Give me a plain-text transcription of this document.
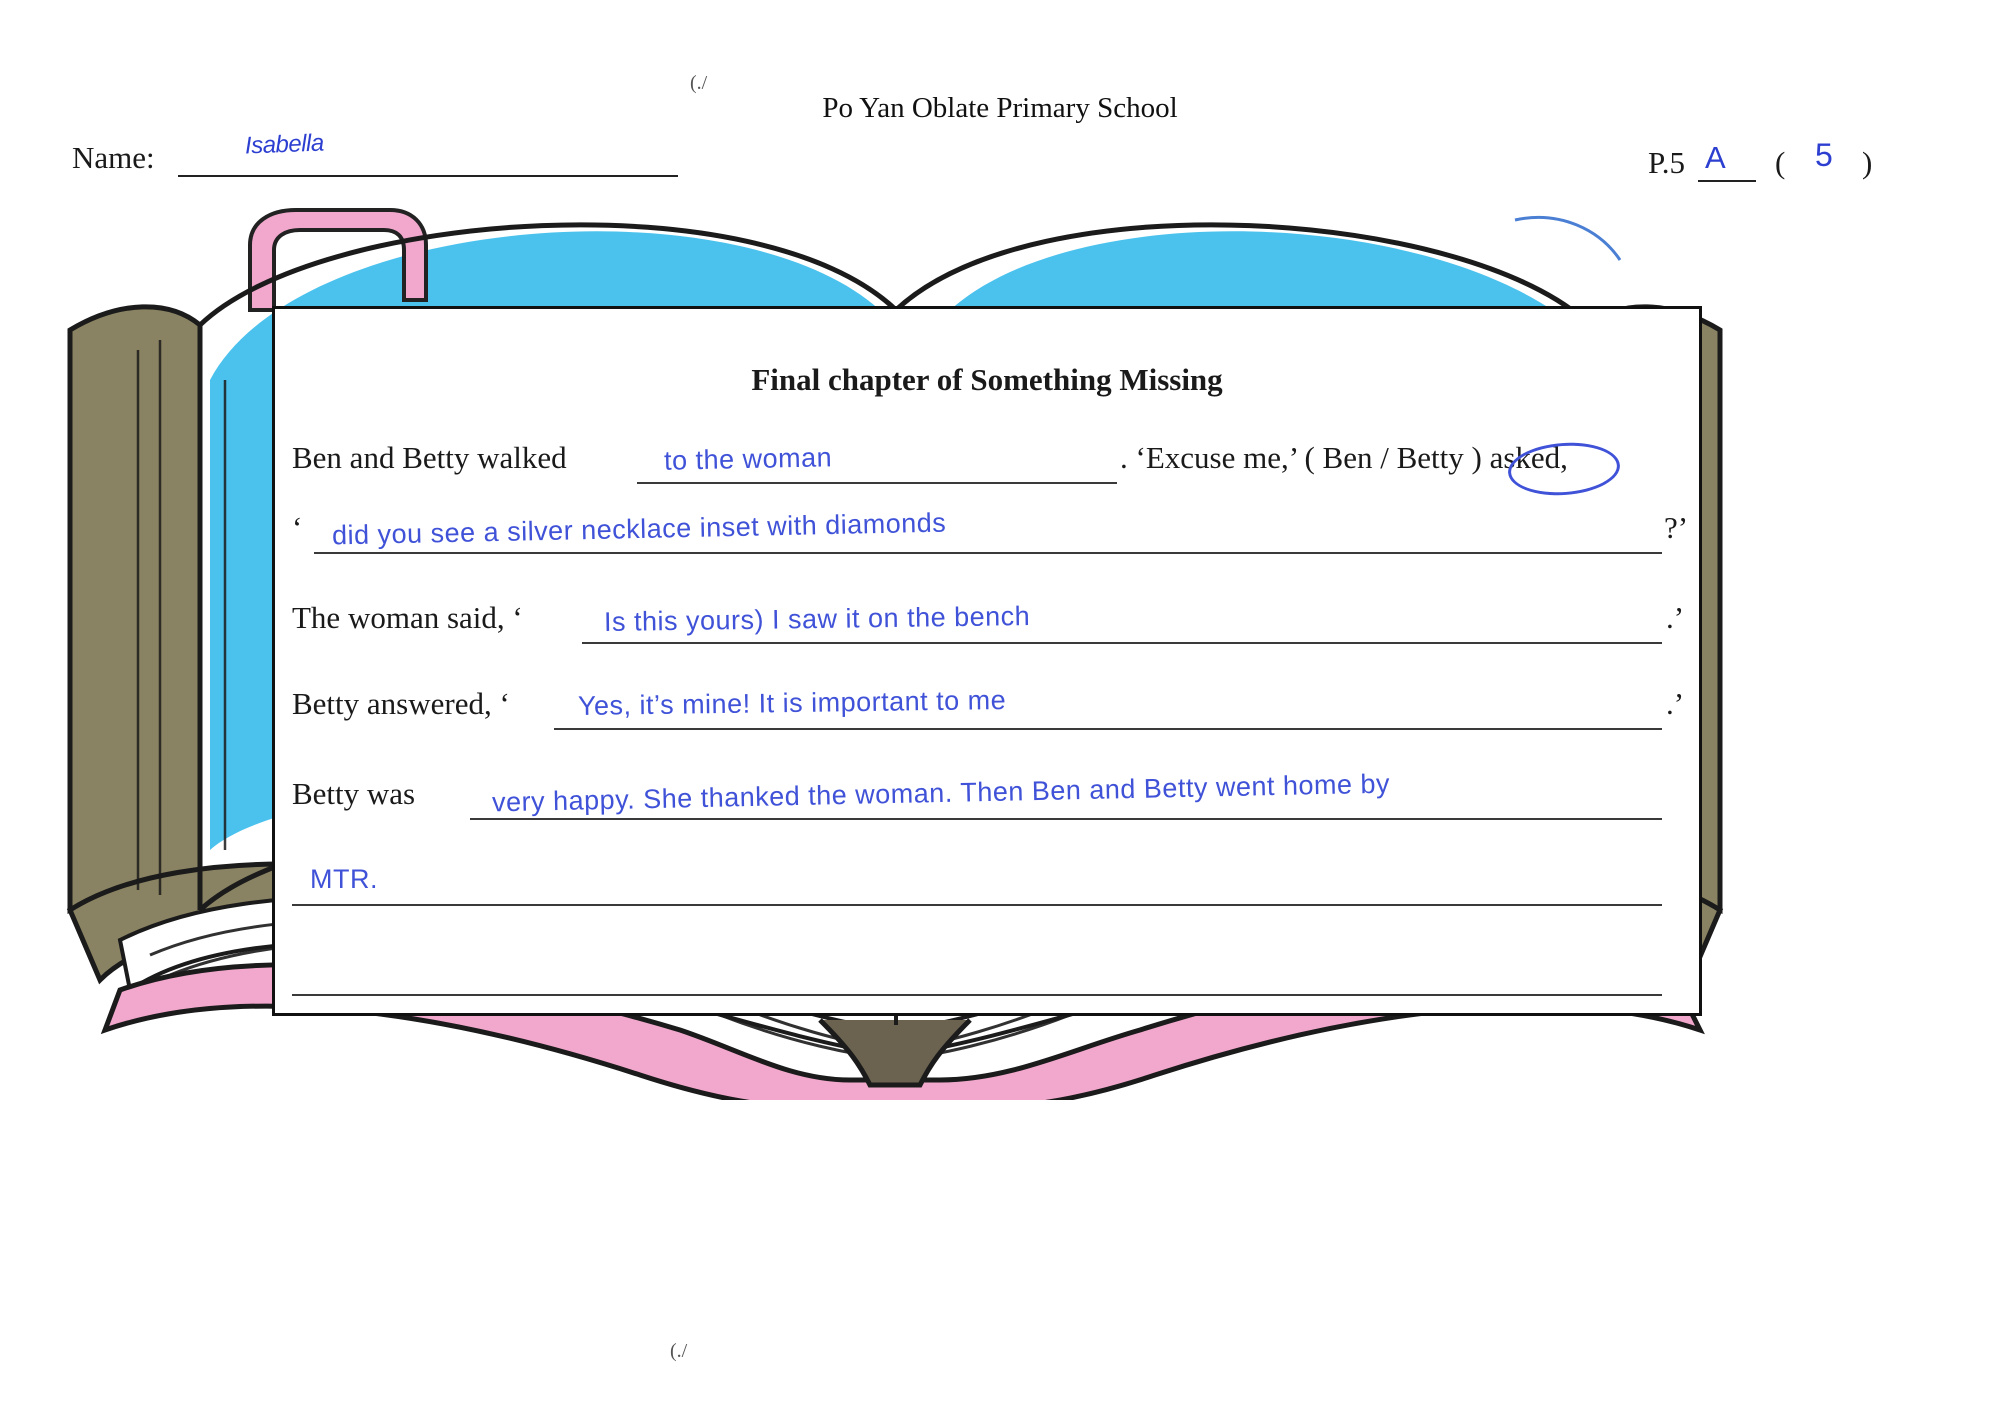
Po Yan Oblate Primary School
(./
(./
Name:	Isabella
P.5 A ( 5 )
Final chapter of Something Missing
Ben and Betty walked	to the woman	. ‘Excuse me,’ ( Ben / Betty ) asked,
‘ did you see a silver necklace inset with diamonds	?’
The woman said, ‘	Is this yours) I saw it on the bench	.’
Betty answered, ‘	Yes, it’s mine! It is important to me	.’
Betty was	very happy. She thanked the woman. Then Ben and Betty went home by
MTR.
